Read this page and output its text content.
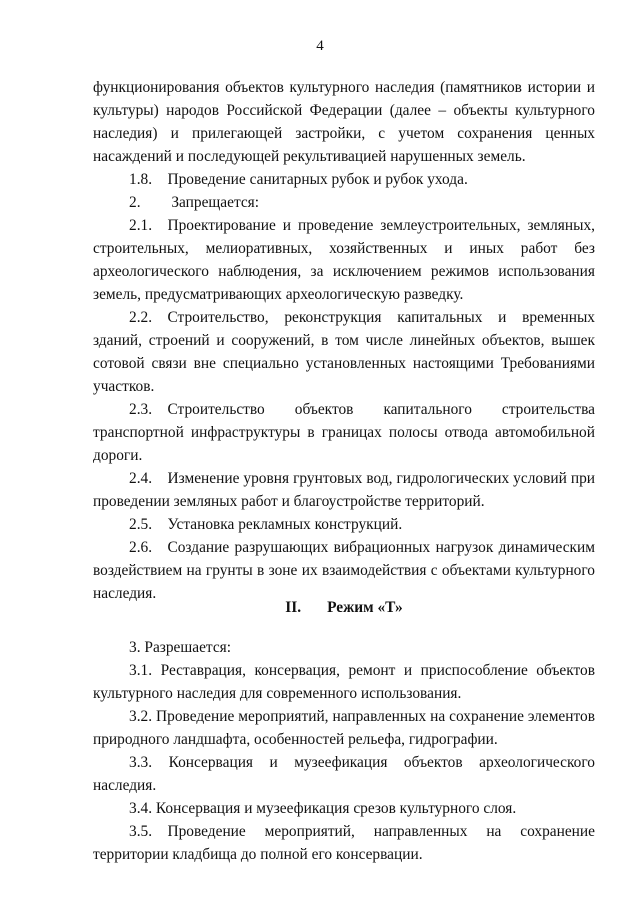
4

функционирования объектов культурного наследия (памятников истории и культуры) народов Российской Федерации (далее – объекты культурного наследия) и прилегающей застройки, с учетом сохранения ценных насаждений и последующей рекультивацией нарушенных земель.

1.8. Проведение санитарных рубок и рубок ухода.

2.  Запрещается:

2.1. Проектирование и проведение землеустроительных, земляных, строительных, мелиоративных, хозяйственных и иных работ без археологического наблюдения, за исключением режимов использования земель, предусматривающих археологическую разведку.

2.2. Строительство, реконструкция капитальных и временных зданий, строений и сооружений, в том числе линейных объектов, вышек сотовой связи вне специально установленных настоящими Требованиями участков.

2.3. Строительство объектов капитального строительства транспортной инфраструктуры в границах полосы отвода автомобильной дороги.

2.4. Изменение уровня грунтовых вод, гидрологических условий при проведении земляных работ и благоустройстве территорий.

2.5. Установка рекламных конструкций.

2.6. Создание разрушающих вибрационных нагрузок динамическим воздействием на грунты в зоне их взаимодействия с объектами культурного наследия.

II. Режим «Т»

3. Разрешается:

3.1. Реставрация, консервация, ремонт и приспособление объектов культурного наследия для современного использования.

3.2. Проведение мероприятий, направленных на сохранение элементов природного ландшафта, особенностей рельефа, гидрографии.

3.3. Консервация и музеефикация объектов археологического наследия.

3.4. Консервация и музеефикация срезов культурного слоя.

3.5. Проведение мероприятий, направленных на сохранение территории кладбища до полной его консервации.
